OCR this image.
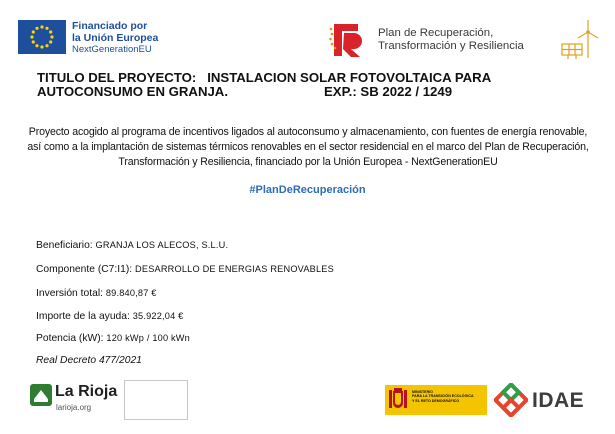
Financiado por
la Unión Europea
NextGenerationEU
Plan de Recuperación,
Transformación y Resiliencia
TITULO DEL PROYECTO:   INSTALACION SOLAR FOTOVOLTAICA PARA
AUTOCONSUMO EN GRANJA.	EXP.: SB 2022 / 1249
Proyecto acogido al programa de incentivos ligados al autoconsumo y almacenamiento, con fuentes de energía renovable, así como a la implantación de sistemas térmicos renovables en el sector residencial en el marco del Plan de Recuperación, Transformación y Resiliencia, financiado por la Unión Europea - NextGenerationEU
#PlanDeRecuperación
Beneficiario: GRANJA LOS ALECOS, S.L.U.
Componente (C7:I1): DESARROLLO DE ENERGIAS RENOVABLES
Inversión total: 89.840,87 €
Importe de la ayuda: 35.922,04 €
Potencia (kW): 120 kWp / 100 kWn
Real Decreto 477/2021
La Rioja
larioja.org
MINISTERIO
PARA LA TRANSICIÓN ECOLÓGICA
Y EL RETO DEMOGRÁFICO	IDAE
